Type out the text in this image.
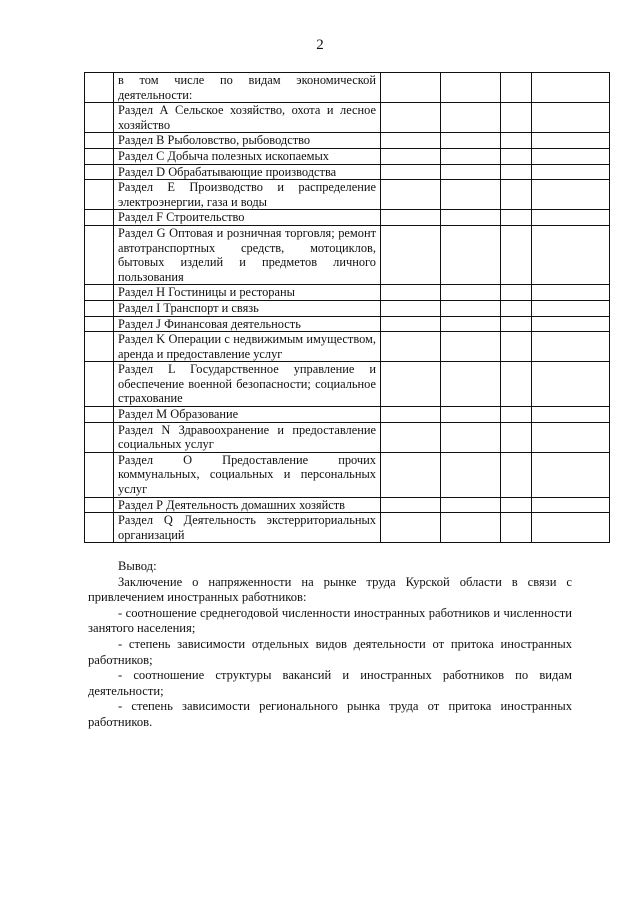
2
	в том числе по видам экономической деятельности:				
	Раздел А Сельское хозяйство, охота и лесное хозяйство				
	Раздел В Рыболовство, рыбоводство				
	Раздел С Добыча полезных ископаемых				
	Раздел D Обрабатывающие производства				
	Раздел Е Производство и распределение электроэнергии, газа и воды				
	Раздел F Строительство				
	Раздел G Оптовая и розничная торговля; ремонт автотранспортных средств, мотоциклов, бытовых изделий и предметов личного пользования				
	Раздел Н Гостиницы и рестораны				
	Раздел I Транспорт и связь				
	Раздел J Финансовая деятельность				
	Раздел K Операции с недвижимым имуществом, аренда и предоставление услуг				
	Раздел L Государственное управление и обеспечение военной безопасности; социальное страхование				
	Раздел М Образование				
	Раздел N Здравоохранение и предоставление социальных услуг				
	Раздел О Предоставление прочих коммунальных, социальных и персональных услуг				
	Раздел Р Деятельность домашних хозяйств				
	Раздел Q Деятельность экстерриториальных организаций				

Вывод:

Заключение о напряженности на рынке труда Курской области в связи с привлечением иностранных работников:

- соотношение среднегодовой численности иностранных работников и численности занятого населения;

- степень зависимости отдельных видов деятельности от притока иностранных работников;

- соотношение структуры вакансий и иностранных работников по видам деятельности;

- степень зависимости регионального рынка труда от притока иностранных работников.
